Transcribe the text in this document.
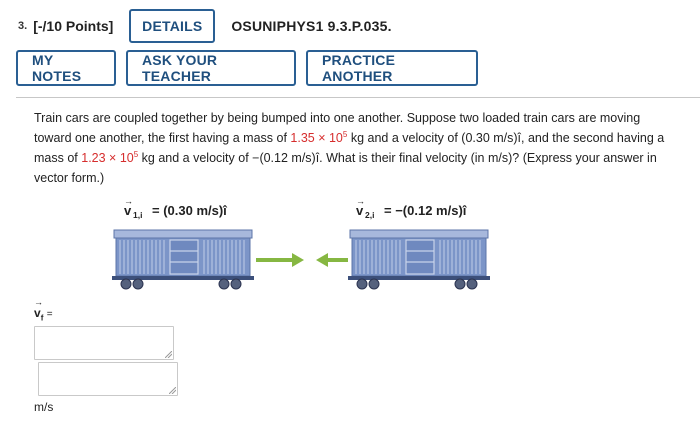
3. [-/10 Points]	DETAILS	OSUNIPHYS1 9.3.P.035.
MY NOTES
ASK YOUR TEACHER
PRACTICE ANOTHER
Train cars are coupled together by being bumped into one another. Suppose two loaded train cars are moving toward one another, the first having a mass of $1.35 \times 10^5$ kg and a velocity of (0.30 m/s)î, and the second having a mass of $1.23 \times 10^5$ kg and a velocity of −(0.12 m/s)î. What is their final velocity (in m/s)? (Express your answer in vector form.)
v
→
1,i = (0.30 m/s)î	v
→
2,i = −(0.12 m/s)î
→
$v_f$ =
m/s
